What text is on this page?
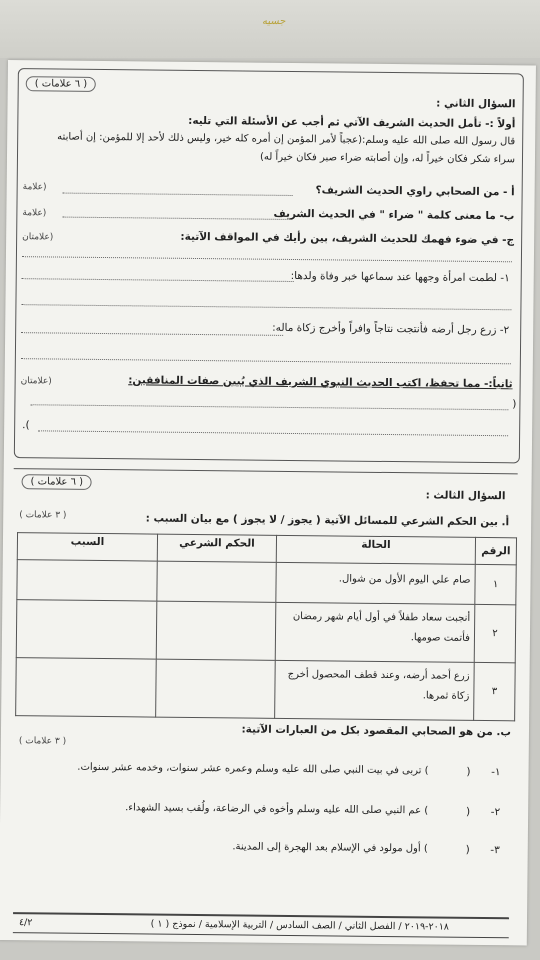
جسيه
( ٦ علامات )
السؤال الثاني :
أولاً :- تأمل الحديث الشريف الآتي ثم أجب عن الأسئلة التي تليه:
قال رسول الله صلى الله عليه وسلم:(عجباً لأمر المؤمن إن أمره كله خير، وليس ذلك لأحد إلا للمؤمن: إن أصابته
سراء شكر فكان خيراً له، وإن أصابته ضراء صبر فكان خيراً له)
أ - من الصحابي راوي الحديث الشريف؟
(علامة
ب- ما معنى كلمة " ضراء " في الحديث الشريف
(علامة
ج- في ضوء فهمك للحديث الشريف، بين رأيك في المواقف الآتية:
(علامتان
١- لطمت امرأة وجهها عند سماعها خبر وفاة ولدها:
٢- زرع رجل أرضه فأنتجت نتاجاً وافراً وأخرج زكاة ماله:
ثانياً:- مما تحفظ، اكتب الحديث النبوي الشريف الذي يُبين صفات المنافقين:
(علامتان
(
).
( ٦ علامات )
السؤال الثالث :
أ. بين الحكم الشرعي للمسائل الآتية ( يجوز / لا يجوز ) مع بيان السبب :
( ٣ علامات )
الرقم	الحالة	الحكم الشرعي	السبب
١	صام علي اليوم الأول من شوال.		
٢	أنجبت سعاد طفلاً في أول أيام شهر رمضان فأتمت صومها.		
٣	زرع أحمد أرضه، وعند قطف المحصول أخرج زكاة ثمرها.		
ب. من هو الصحابي المقصود بكل من العبارات الآتية:
( ٣ علامات )
١-
(
) تربى في بيت النبي صلى الله عليه وسلم وعمره عشر سنوات، وخدمه عشر سنوات.
٢-
(
) عم النبي صلى الله عليه وسلم وأخوه في الرضاعة، ولُقب بسيد الشهداء.
٣-
(
) أول مولود في الإسلام بعد الهجرة إلى المدينة.
٢٠١٨-٢٠١٩ / الفصل الثاني / الصف السادس / التربية الإسلامية / نموذج ( ١ )
٤/٢
